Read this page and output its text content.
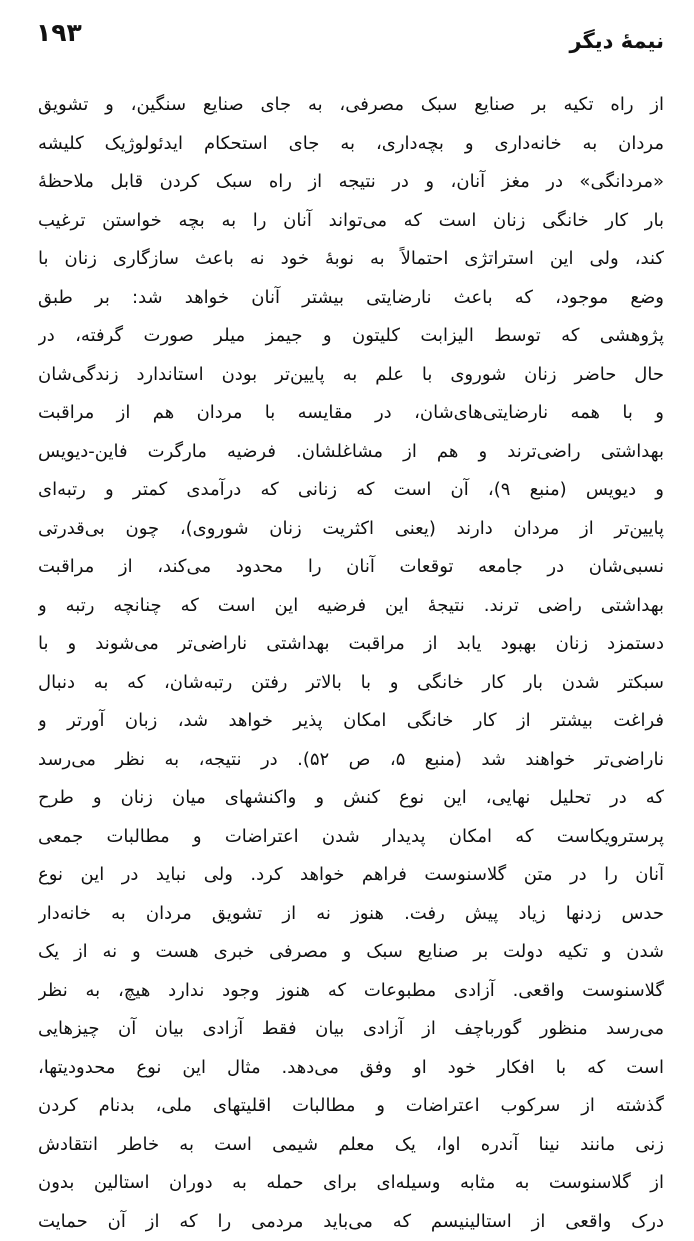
۱۹۳	نیمهٔ دیگر
از راه تکیه بر صنایع سبک مصرفی، به جای صنایع سنگین، و تشویق
مردان به خانه‌داری و بچه‌داری، به جای استحکام ایدئولوژیک کلیشه
«مردانگی» در مغز آنان، و در نتیجه از راه سبک کردن قابل ملاحظهٔ
بار کار خانگی زنان است که می‌تواند آنان را به بچه خواستن ترغیب
کند، ولی این استراتژی احتمالاً به نوبهٔ خود نه باعث سازگاری زنان با
وضع موجود، که باعث نارضایتی بیشتر آنان خواهد شد: بر طبق
پژوهشی که توسط الیزابت کلیتون و جیمز میلر صورت گرفته، در
حال حاضر زنان شوروی با علم به پایین‌تر بودن استاندارد زندگی‌شان
و با همه نارضایتی‌های‌شان، در مقایسه با مردان هم از مراقبت
بهداشتی راضی‌ترند و هم از مشاغلشان. فرضیه مارگرت فاین-دیویس
و دیویس (منبع ۹)، آن است که زنانی که درآمدی کمتر و رتبه‌ای
پایین‌تر از مردان دارند (یعنی اکثریت زنان شوروی)، چون بی‌قدرتی
نسبی‌شان در جامعه توقعات آنان را محدود می‌کند، از مراقبت
بهداشتی راضی ترند. نتیجهٔ این فرضیه این است که چنانچه رتبه و
دستمزد زنان بهبود یابد از مراقبت بهداشتی ناراضی‌تر می‌شوند و با
سبکتر شدن بار کار خانگی و با بالاتر رفتن رتبه‌شان، که به دنبال
فراغت بیشتر از کار خانگی امکان پذیر خواهد شد، زبان آورتر و
ناراضی‌تر خواهند شد (منبع ۵، ص ۵۲). در نتیجه، به نظر می‌رسد
که در تحلیل نهایی، این نوع کنش و واکنشهای میان زنان و طرح
پرسترویکاست که امکان پدیدار شدن اعتراضات و مطالبات جمعی
آنان را در متن گلاسنوست فراهم خواهد کرد. ولی نباید در این نوع
حدس زدنها زیاد پیش رفت. هنوز نه از تشویق مردان به خانه‌دار
شدن و تکیه دولت بر صنایع سبک و مصرفی خبری هست و نه از یک
گلاسنوست واقعی. آزادی مطبوعات که هنوز وجود ندارد هیچ، به نظر
می‌رسد منظور گورباچف از آزادی بیان فقط آزادی بیان آن چیزهایی
است که با افکار خود او وفق می‌دهد. مثال این نوع محدودیتها،
گذشته از سرکوب اعتراضات و مطالبات اقلیتهای ملی، بدنام کردن
زنی مانند نینا آندره اوا، یک معلم شیمی است به خاطر انتقادش
از گلاسنوست به مثابه وسیله‌ای برای حمله به دوران استالین بدون
درک واقعی از استالینیسم که می‌باید مردمی را که از آن حمایت
